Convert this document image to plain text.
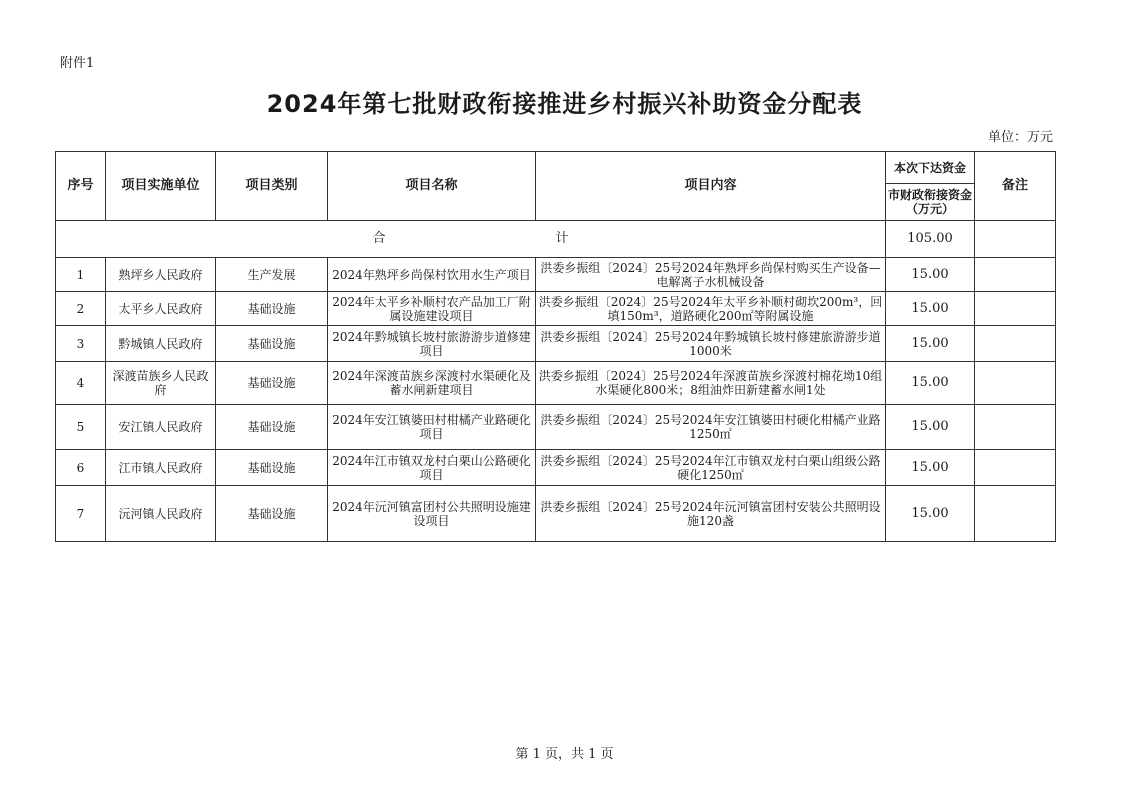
附件1
2024年第七批财政衔接推进乡村振兴补助资金分配表
单位：万元
序号	项目实施单位	项目类别	项目名称	项目内容	本次下达资金	备注
					市财政衔接资金（万元）	
合 计					105.00	
1	熟坪乡人民政府	生产发展	2024年熟坪乡尚保村饮用水生产项目	洪委乡振组〔2024〕25号2024年熟坪乡尚保村购买生产设备—电解离子水机械设备	15.00	
2	太平乡人民政府	基础设施	2024年太平乡补顺村农产品加工厂附属设施建设项目	洪委乡振组〔2024〕25号2024年太平乡补顺村砌坎200m³，回填150m³，道路硬化200㎡等附属设施	15.00	
3	黔城镇人民政府	基础设施	2024年黔城镇长坡村旅游游步道修建项目	洪委乡振组〔2024〕25号2024年黔城镇长坡村修建旅游游步道1000米	15.00	
4	深渡苗族乡人民政府	基础设施	2024年深渡苗族乡深渡村水渠硬化及蓄水闸新建项目	洪委乡振组〔2024〕25号2024年深渡苗族乡深渡村棉花坳10组水渠硬化800米；8组油炸田新建蓄水闸1处	15.00	
5	安江镇人民政府	基础设施	2024年安江镇婆田村柑橘产业路硬化项目	洪委乡振组〔2024〕25号2024年安江镇婆田村硬化柑橘产业路1250㎡	15.00	
6	江市镇人民政府	基础设施	2024年江市镇双龙村白栗山公路硬化项目	洪委乡振组〔2024〕25号2024年江市镇双龙村白栗山组级公路硬化1250㎡	15.00	
7	沅河镇人民政府	基础设施	2024年沅河镇富团村公共照明设施建设项目	洪委乡振组〔2024〕25号2024年沅河镇富团村安装公共照明设施120盏	15.00	
第 1 页，共 1 页
